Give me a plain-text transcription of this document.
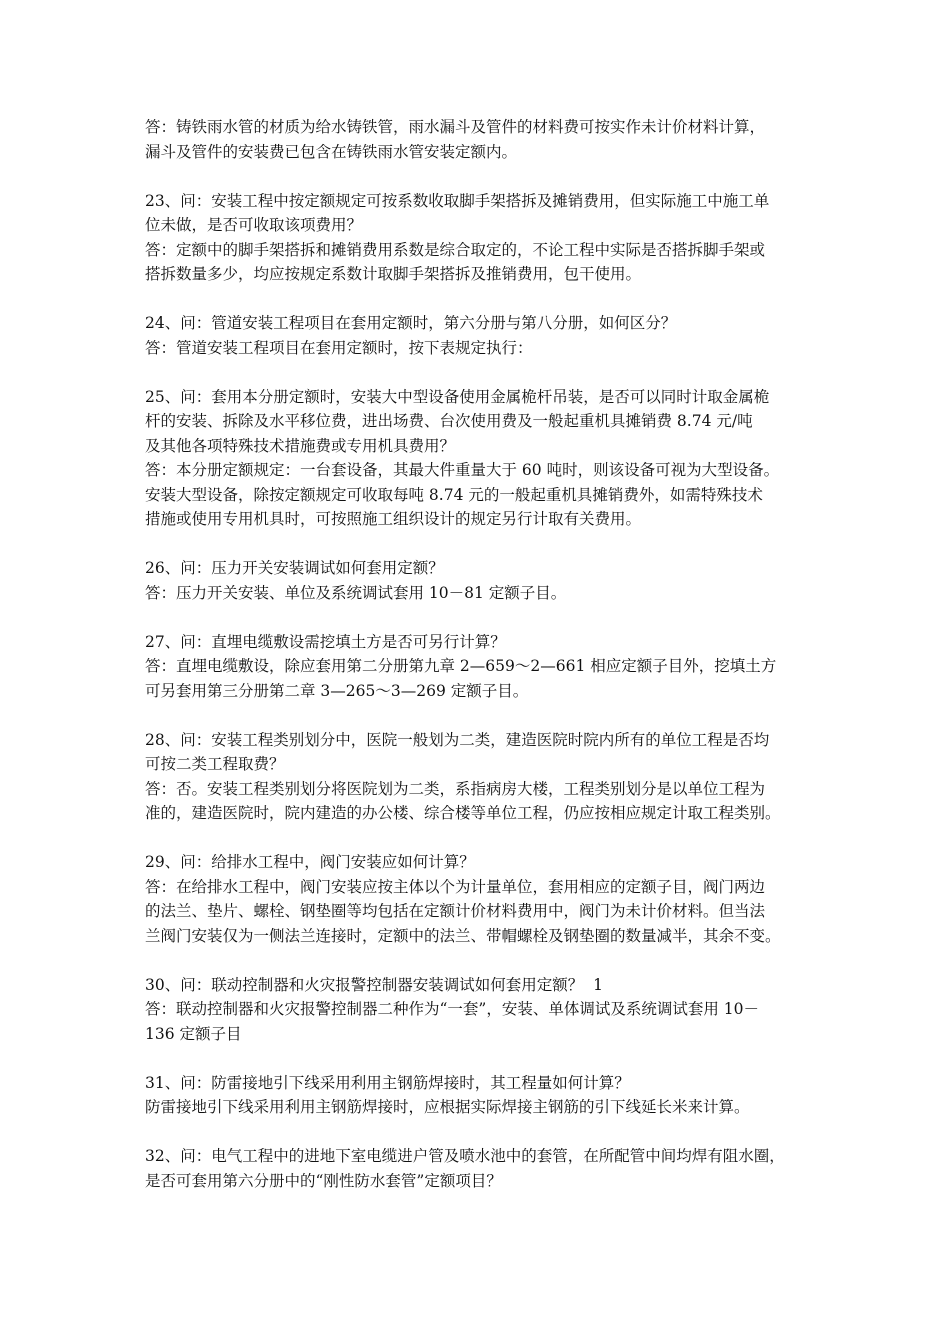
答：铸铁雨水管的材质为给水铸铁管，雨水漏斗及管件的材料费可按实作未计价材料计算，
漏斗及管件的安装费已包含在铸铁雨水管安装定额内。
23、问：安装工程中按定额规定可按系数收取脚手架搭拆及摊销费用，但实际施工中施工单
位未做，是否可收取该项费用？
答：定额中的脚手架搭拆和摊销费用系数是综合取定的，不论工程中实际是否搭拆脚手架或
搭拆数量多少，均应按规定系数计取脚手架搭拆及推销费用，包干使用。
24、问：管道安装工程项目在套用定额时，第六分册与第八分册，如何区分？
答：管道安装工程项目在套用定额时，按下表规定执行：
25、问：套用本分册定额时，安装大中型设备使用金属桅杆吊装，是否可以同时计取金属桅
杆的安装、拆除及水平移位费，进出场费、台次使用费及一般起重机具摊销费 8.74 元/吨
及其他各项特殊技术措施费或专用机具费用？
答：本分册定额规定：一台套设备，其最大件重量大于 60 吨时，则该设备可视为大型设备。
安装大型设备，除按定额规定可收取每吨 8.74 元的一般起重机具摊销费外，如需特殊技术
措施或使用专用机具时，可按照施工组织设计的规定另行计取有关费用。
26、问：压力开关安装调试如何套用定额？
答：压力开关安装、单位及系统调试套用 10－81 定额子目。
27、问：直埋电缆敷设需挖填土方是否可另行计算？
答：直埋电缆敷设，除应套用第二分册第九章 2—659～2—661 相应定额子目外，挖填土方
可另套用第三分册第二章 3—265～3—269 定额子目。
28、问：安装工程类别划分中，医院一般划为二类，建造医院时院内所有的单位工程是否均
可按二类工程取费？
答：否。安装工程类别划分将医院划为二类，系指病房大楼，工程类别划分是以单位工程为
准的，建造医院时，院内建造的办公楼、综合楼等单位工程，仍应按相应规定计取工程类别。
29、问：给排水工程中，阀门安装应如何计算？
答：在给排水工程中，阀门安装应按主体以个为计量单位，套用相应的定额子目，阀门两边
的法兰、垫片、螺栓、钢垫圈等均包括在定额计价材料费用中，阀门为未计价材料。但当法
兰阀门安装仅为一侧法兰连接时，定额中的法兰、带帽螺栓及钢垫圈的数量减半，其余不变。
30、问：联动控制器和火灾报警控制器安装调试如何套用定额？  1
答：联动控制器和火灾报警控制器二种作为“一套”，安装、单体调试及系统调试套用 10－
136 定额子目
31、问：防雷接地引下线采用利用主钢筋焊接时，其工程量如何计算？
防雷接地引下线采用利用主钢筋焊接时，应根据实际焊接主钢筋的引下线延长米来计算。
32、问：电气工程中的进地下室电缆进户管及喷水池中的套管，在所配管中间均焊有阻水圈，
是否可套用第六分册中的“刚性防水套管”定额项目？
